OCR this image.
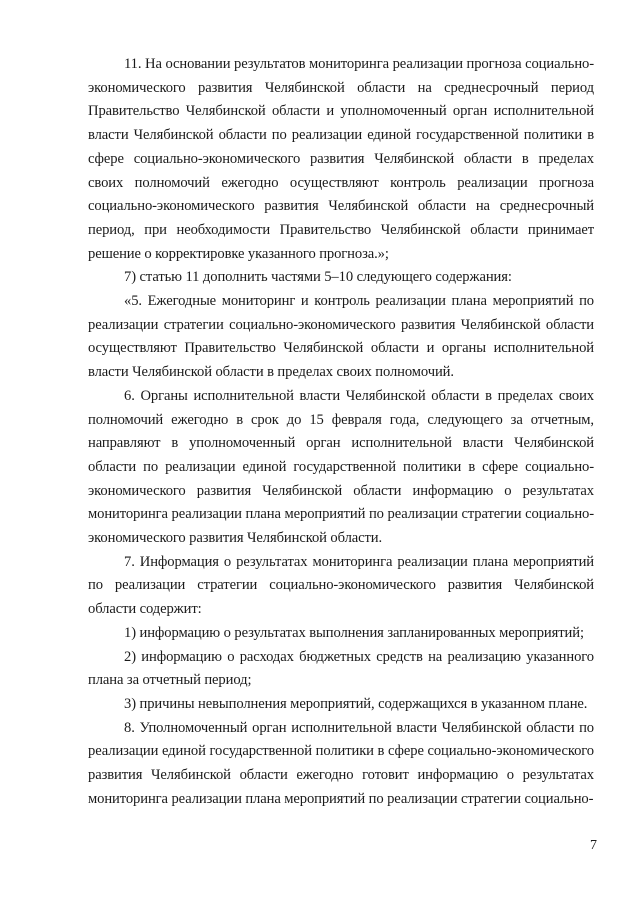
11. На основании результатов мониторинга реализации прогноза социально-экономического развития Челябинской области на среднесрочный период Правительство Челябинской области и уполномоченный орган исполнительной власти Челябинской области по реализации единой государственной политики в сфере социально-экономического развития Челябинской области в пределах своих полномочий ежегодно осуществляют контроль реализации прогноза социально-экономического развития Челябинской области на среднесрочный период, при необходимости Правительство Челябинской области принимает решение о корректировке указанного прогноза.»;

7) статью 11 дополнить частями 5–10 следующего содержания:

«5. Ежегодные мониторинг и контроль реализации плана мероприятий по реализации стратегии социально-экономического развития Челябинской области осуществляют Правительство Челябинской области и органы исполнительной власти Челябинской области в пределах своих полномочий.

6. Органы исполнительной власти Челябинской области в пределах своих полномочий ежегодно в срок до 15 февраля года, следующего за отчетным, направляют в уполномоченный орган исполнительной власти Челябинской области по реализации единой государственной политики в сфере социально-экономического развития Челябинской области информацию о результатах мониторинга реализации плана мероприятий по реализации стратегии социально-экономического развития Челябинской области.

7. Информация о результатах мониторинга реализации плана мероприятий по реализации стратегии социально-экономического развития Челябинской области содержит:

1) информацию о результатах выполнения запланированных мероприятий;

2) информацию о расходах бюджетных средств на реализацию указанного плана за отчетный период;

3) причины невыполнения мероприятий, содержащихся в указанном плане.

8. Уполномоченный орган исполнительной власти Челябинской области по реализации единой государственной политики в сфере социально-экономического развития Челябинской области ежегодно готовит информацию о результатах мониторинга реализации плана мероприятий по реализации стратегии социально-

7
